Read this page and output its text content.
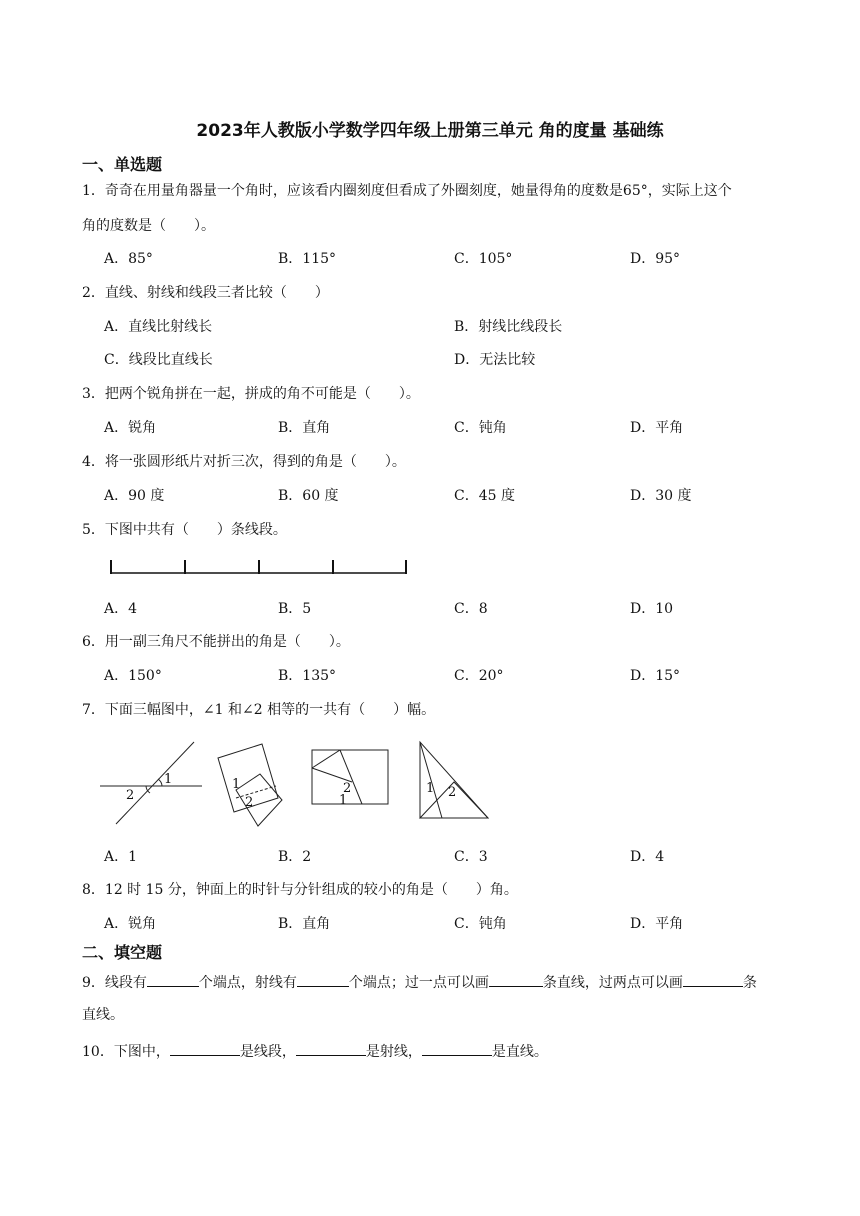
2023年人教版小学数学四年级上册第三单元 角的度量 基础练
一、单选题
1．奇奇在用量角器量一个角时，应该看内圈刻度但看成了外圈刻度，她量得角的度数是65°，实际上这个
角的度数是（　　）。
A．85°	B．115°	C．105°	D．95°
2．直线、射线和线段三者比较（　　）
A．直线比射线长	B．射线比线段长
C．线段比直线长	D．无法比较
3．把两个锐角拼在一起，拼成的角不可能是（　　）。
A．锐角	B．直角	C．钝角	D．平角
4．将一张圆形纸片对折三次，得到的角是（　　）。
A．90 度	B．60 度	C．45 度	D．30 度
5．下图中共有（　　）条线段。
A．4	B．5	C．8	D．10
6．用一副三角尺不能拼出的角是（　　）。
A．150°	B．135°	C．20°	D．15°
7．下面三幅图中，∠1 和∠2 相等的一共有（　　）幅。
1
2
1
2
2
1
1 2
A．1	B．2	C．3	D．4
8．12 时 15 分，钟面上的时针与分针组成的较小的角是（　　）角。
A．锐角	B．直角	C．钝角	D．平角
二、填空题
9．线段有	个端点，射线有	个端点；过一点可以画	条直线，过两点可以画	条
直线。
10．下图中，	是线段，	是射线，	是直线。
